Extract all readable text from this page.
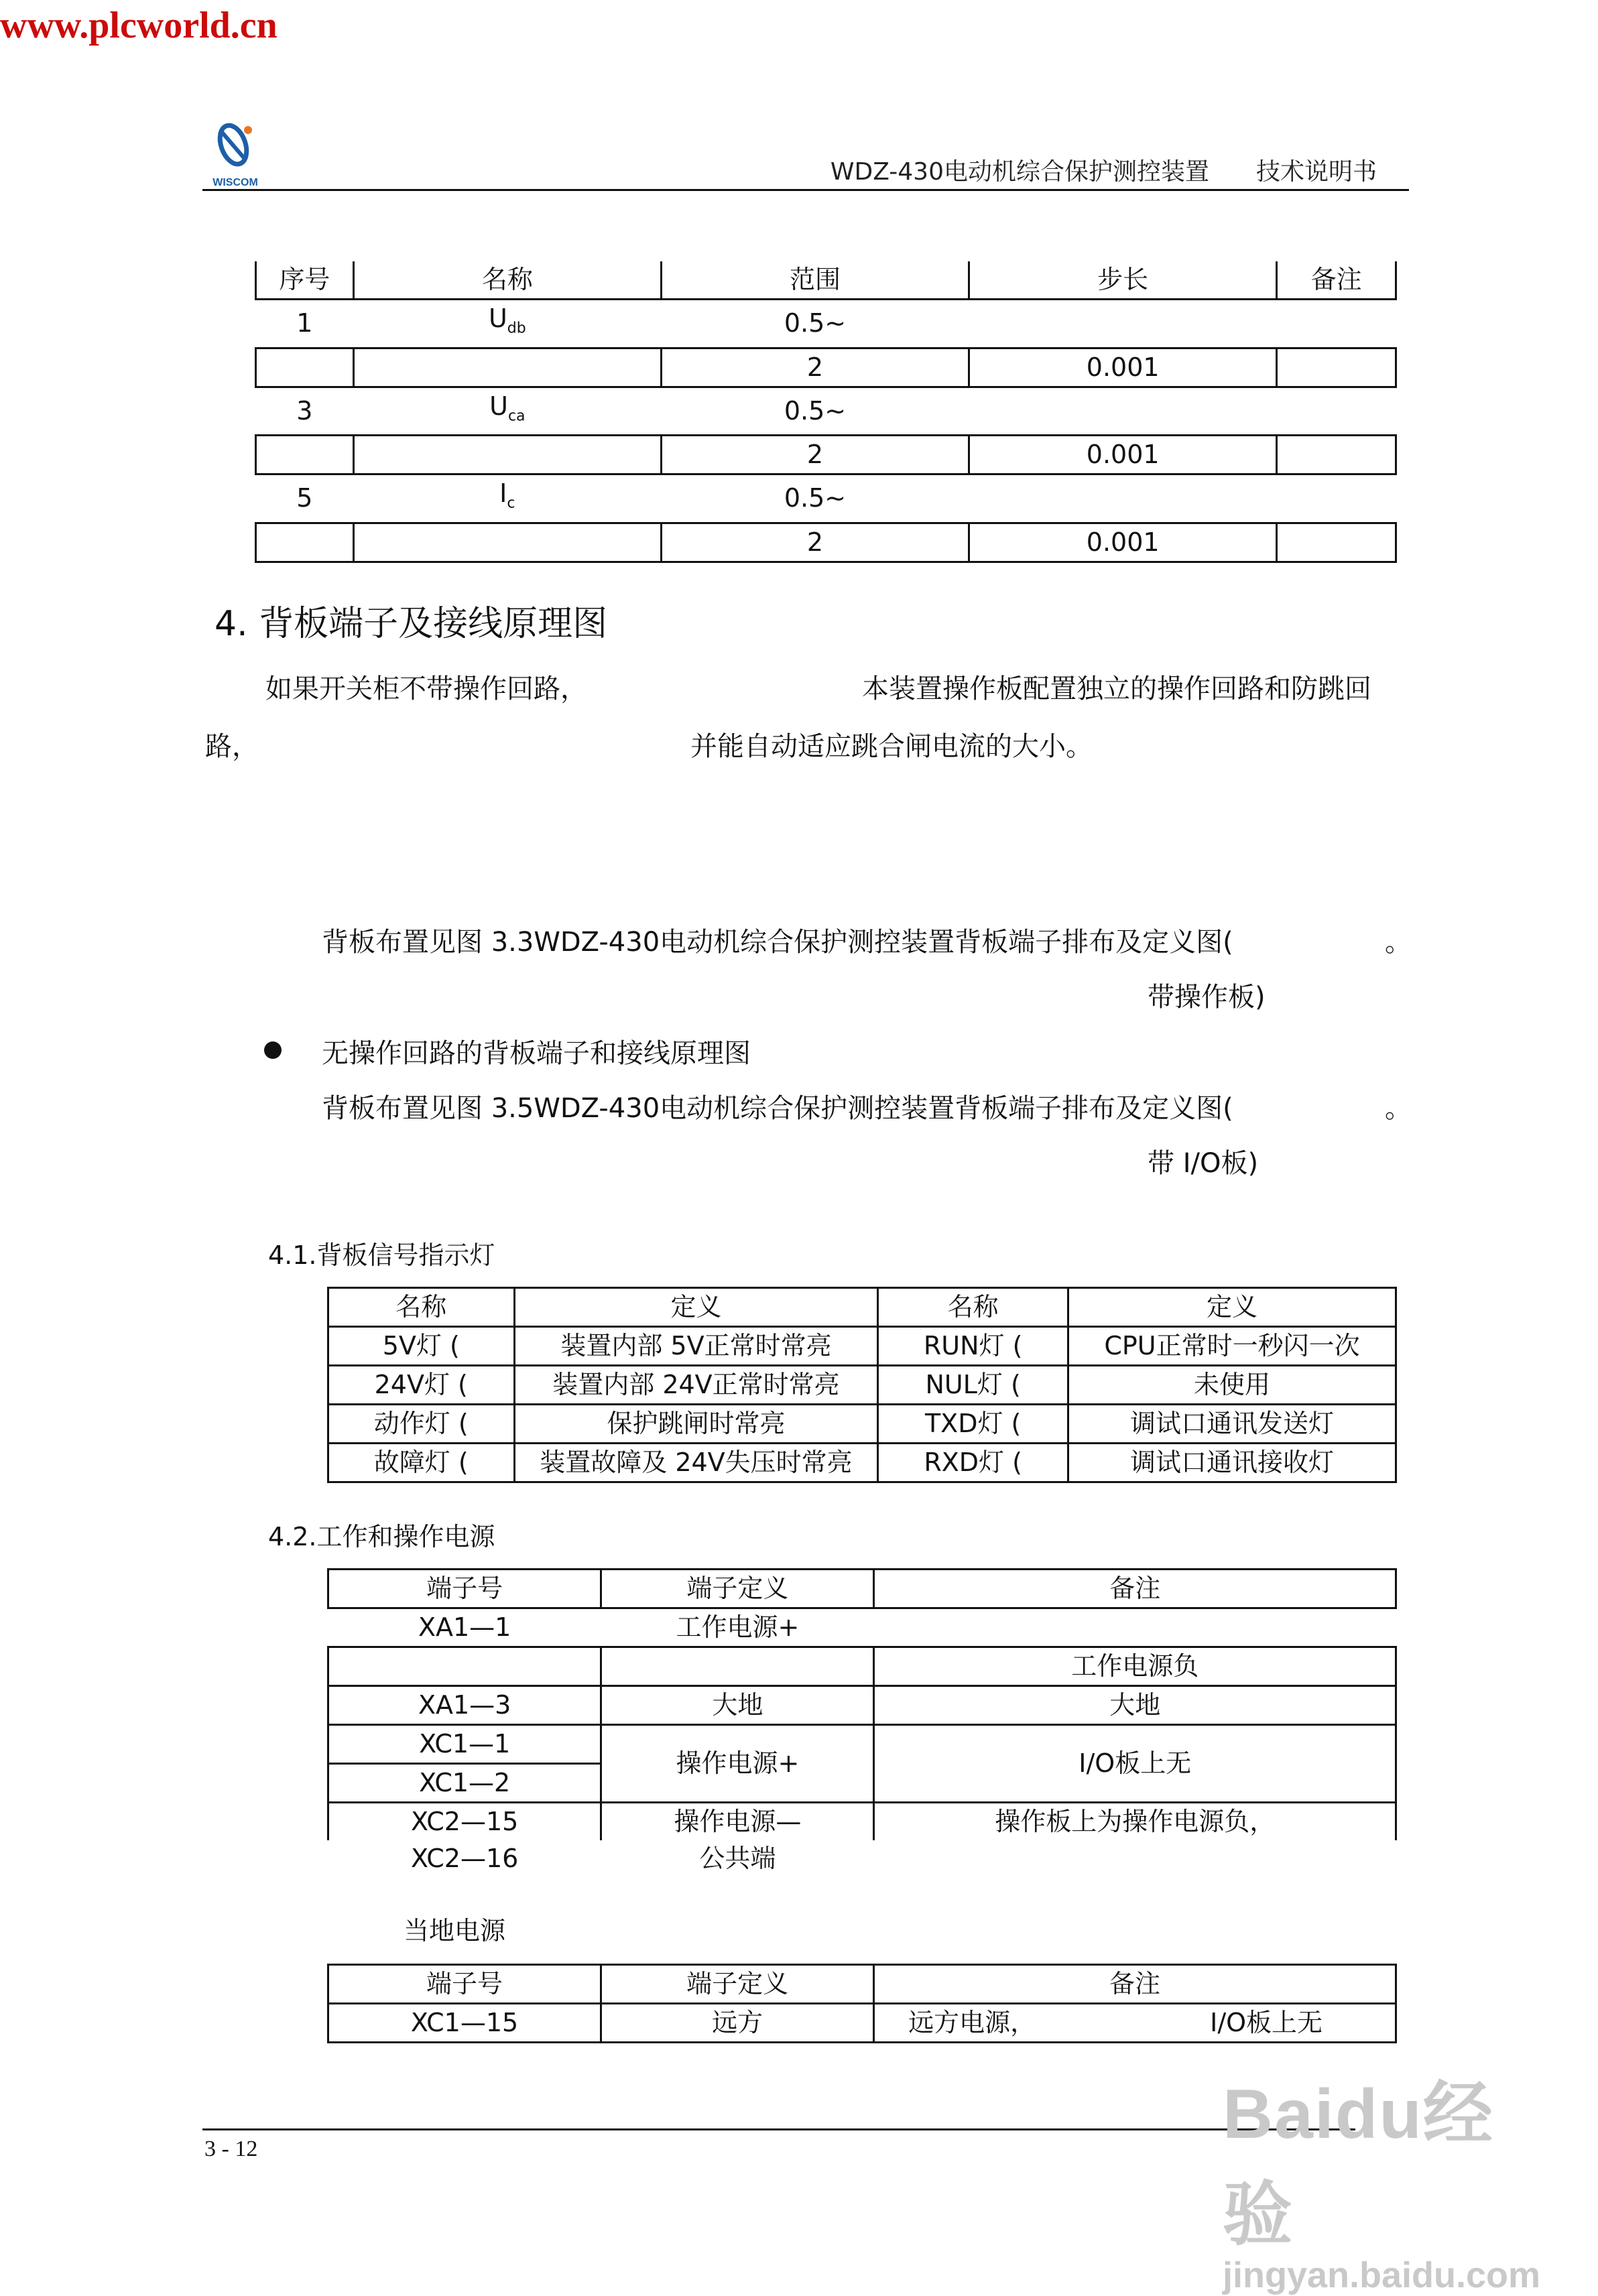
www.plcworld.cn
WISCOM	WDZ-430电动机综合保护测控装置 技术说明书
序号	名称	范围	步长	备注
1	$U_{db}$	0.5~		
		2	0.001	
3	$U_{ca}$	0.5~		
		2	0.001	
5	$I_c$	0.5~		
		2	0.001	
4. 背板端子及接线原理图
如果开关柜不带操作回路，	本装置操作板配置独立的操作回路和防跳回
路，	并能自动适应跳合闸电流的大小。
背板布置见图 3.3WDZ-430电动机综合保护测控装置背板端子排布及定义图(	。
带操作板)
无操作回路的背板端子和接线原理图
背板布置见图 3.5WDZ-430电动机综合保护测控装置背板端子排布及定义图(	。
带 I/O板)
4.1.背板信号指示灯
名称	定义	名称	定义
5V灯 (	装置内部 5V正常时常亮	RUN灯 (	CPU正常时一秒闪一次
24V灯 (	装置内部 24V正常时常亮	NUL灯 (	未使用
动作灯 (	保护跳闸时常亮	TXD灯 (	调试口通讯发送灯
故障灯 (	装置故障及 24V失压时常亮	RXD灯 (	调试口通讯接收灯
4.2.工作和操作电源
端子号	端子定义	备注
XA1—1	工作电源+	
		工作电源负
XA1—3	大地	大地
XC1—1	操作电源+	I/O板上无
XC1—2		
XC2—15	操作电源—	操作板上为操作电源负，
XC2—16	公共端	
当地电源
端子号	端子定义	备注
XC1—15	远方	远方电源， I/O板上无
3 - 12	Baidu经验
jingyan.baidu.com
